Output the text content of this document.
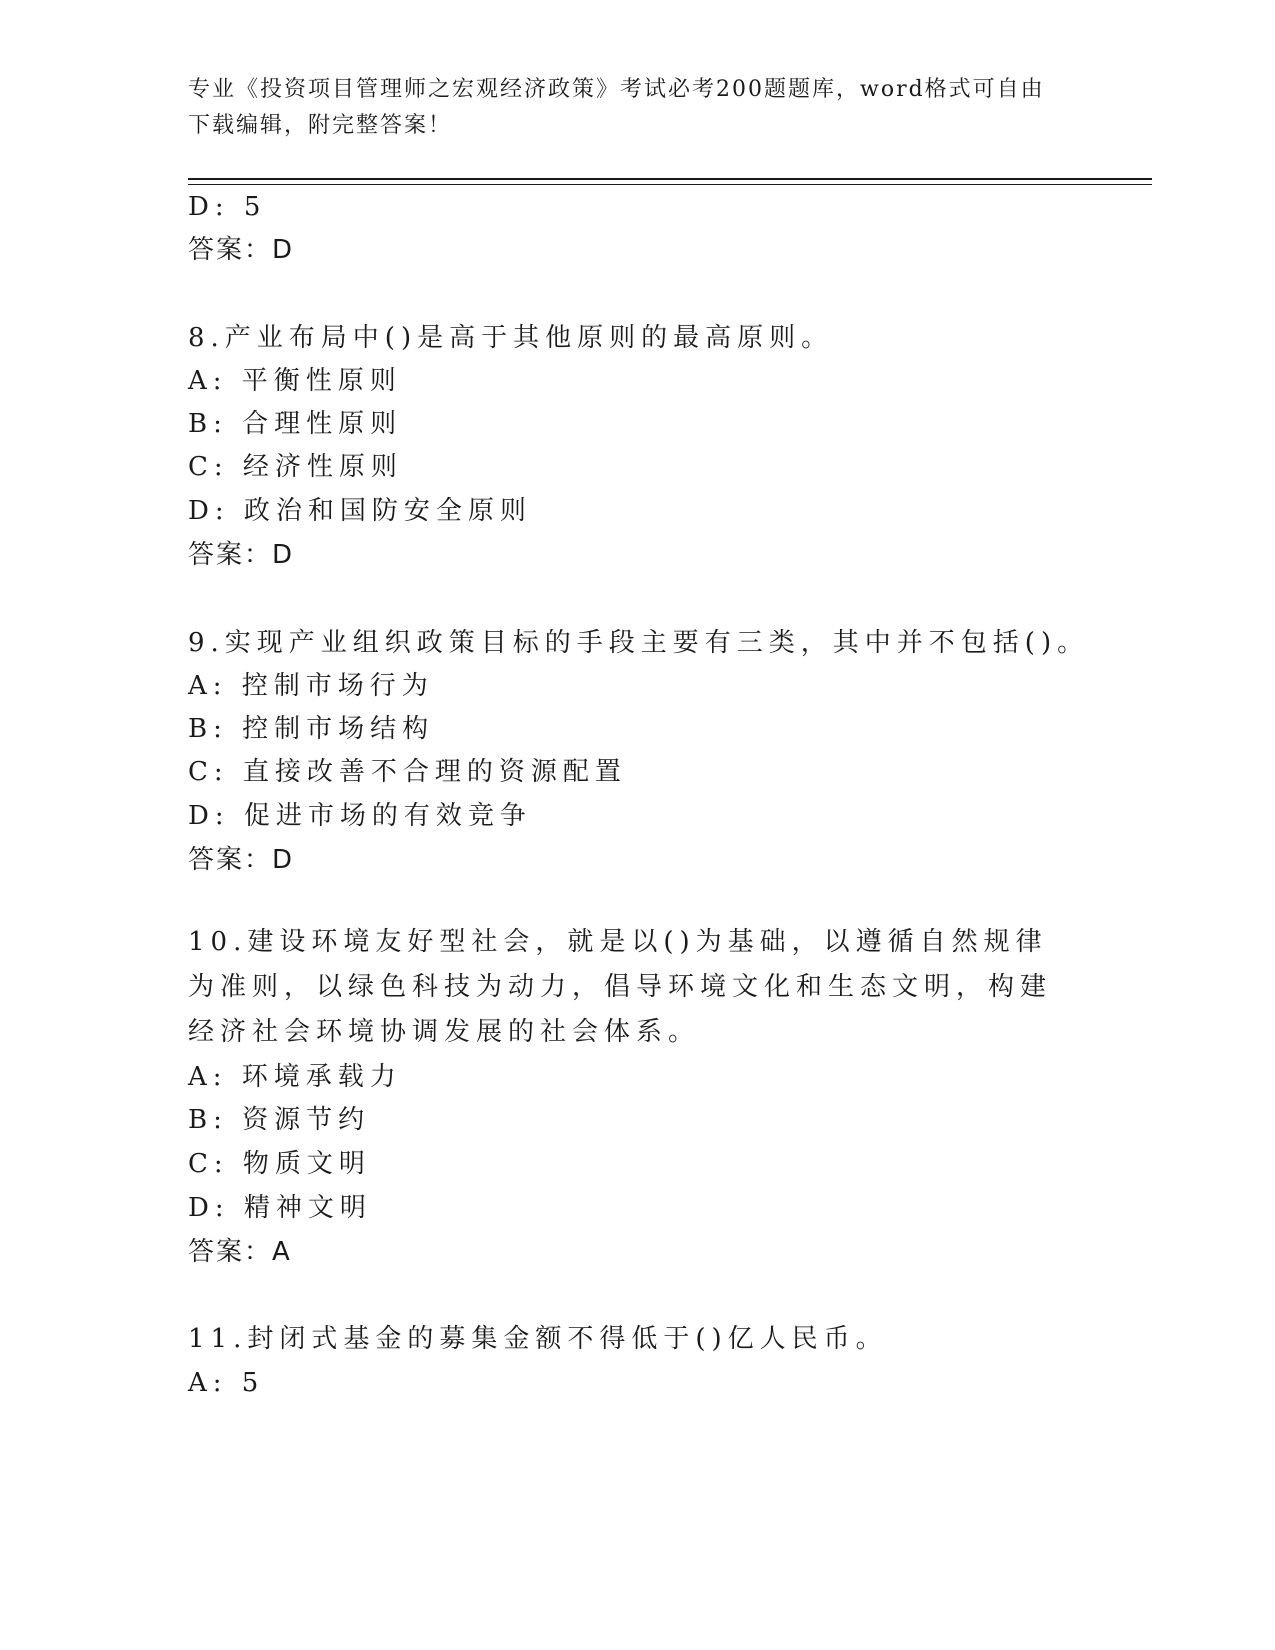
专业《投资项目管理师之宏观经济政策》考试必考200题题库，word格式可自由下载编辑，附完整答案！
D: 5
答案：D
8.产业布局中()是高于其他原则的最高原则。
A: 平衡性原则
B: 合理性原则
C: 经济性原则
D: 政治和国防安全原则
答案：D
9.实现产业组织政策目标的手段主要有三类，其中并不包括()。
A: 控制市场行为
B: 控制市场结构
C: 直接改善不合理的资源配置
D: 促进市场的有效竞争
答案：D
10.建设环境友好型社会，就是以()为基础，以遵循自然规律为准则，以绿色科技为动力，倡导环境文化和生态文明，构建经济社会环境协调发展的社会体系。
A: 环境承载力
B: 资源节约
C: 物质文明
D: 精神文明
答案：A
11.封闭式基金的募集金额不得低于()亿人民币。
A: 5
